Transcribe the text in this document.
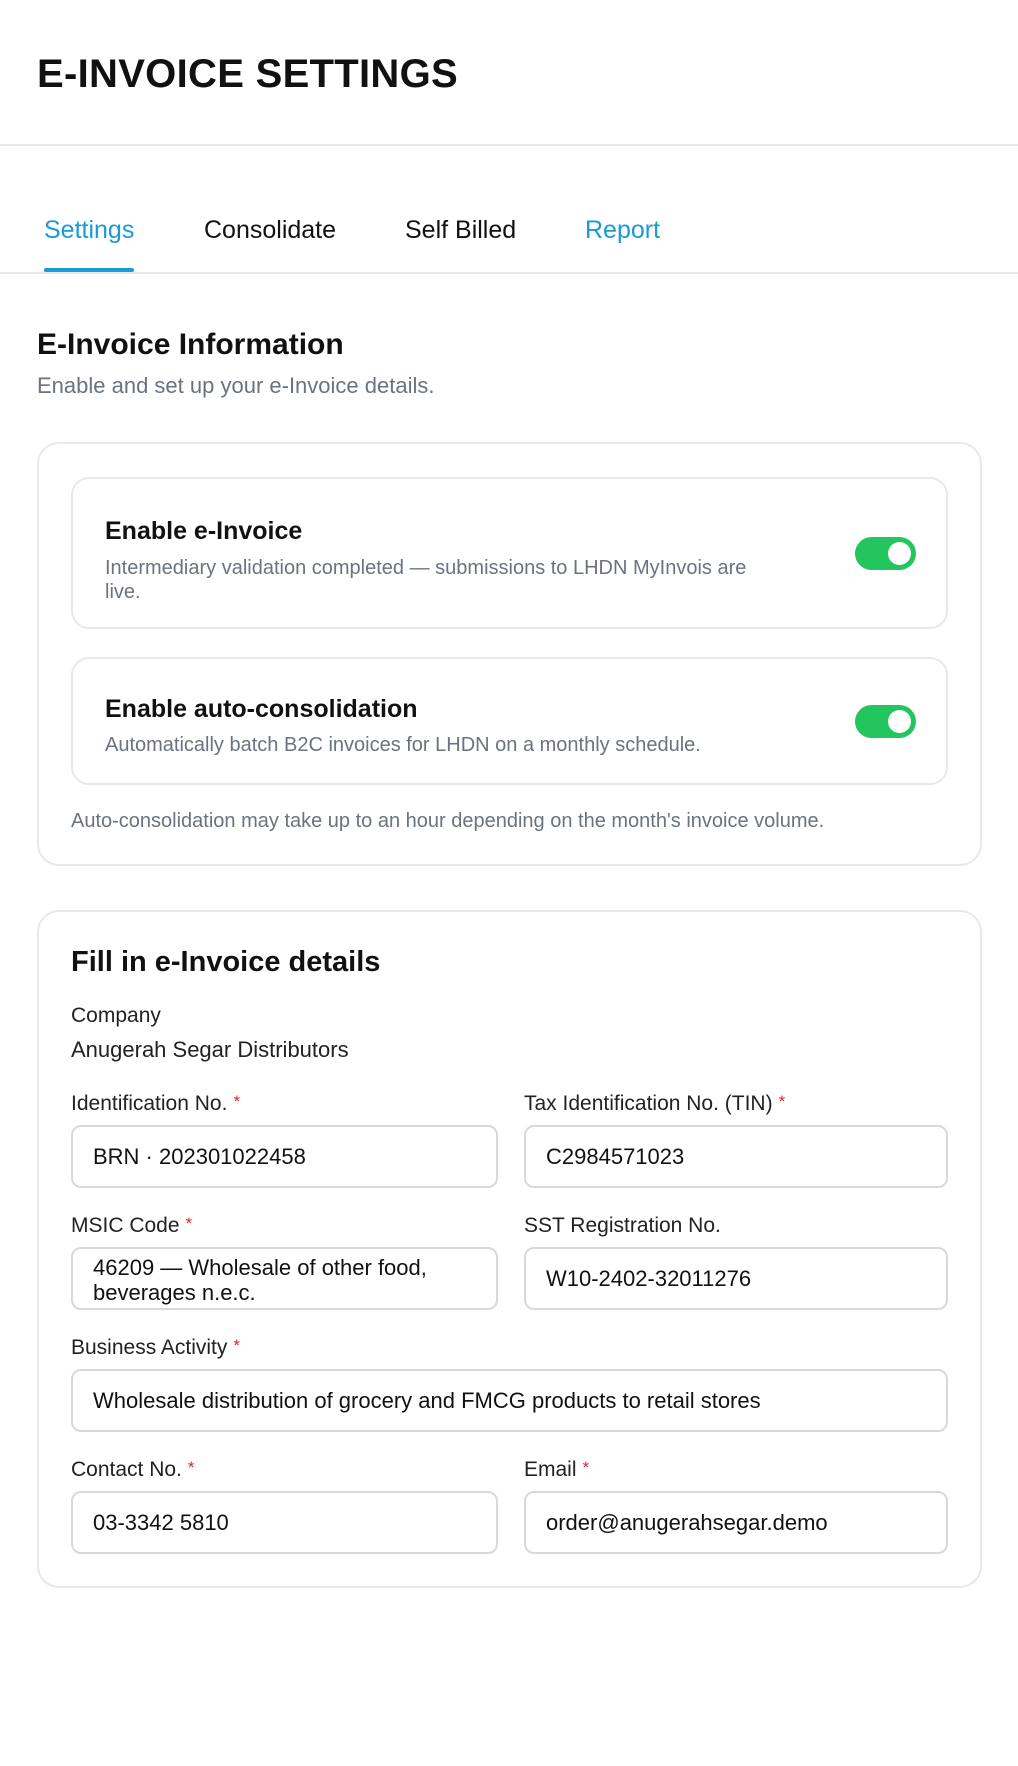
E-INVOICE SETTINGS
Settings	Consolidate	Self Billed	Report
E-Invoice Information
Enable and set up your e-Invoice details.
Enable e-Invoice
Intermediary validation completed — submissions to LHDN MyInvois are live.
Enable auto-consolidation
Automatically batch B2C invoices for LHDN on a monthly schedule.
Auto-consolidation may take up to an hour depending on the month's invoice volume.
Fill in e-Invoice details
Company
Anugerah Segar Distributors
Identification No. *
BRN · 202301022458
Tax Identification No. (TIN) *
C2984571023
MSIC Code *
46209 — Wholesale of other food, beverages n.e.c.
SST Registration No.
W10-2402-32011276
Business Activity *
Wholesale distribution of grocery and FMCG products to retail stores
Contact No. *
03-3342 5810
Email *
order@anugerahsegar.demo
